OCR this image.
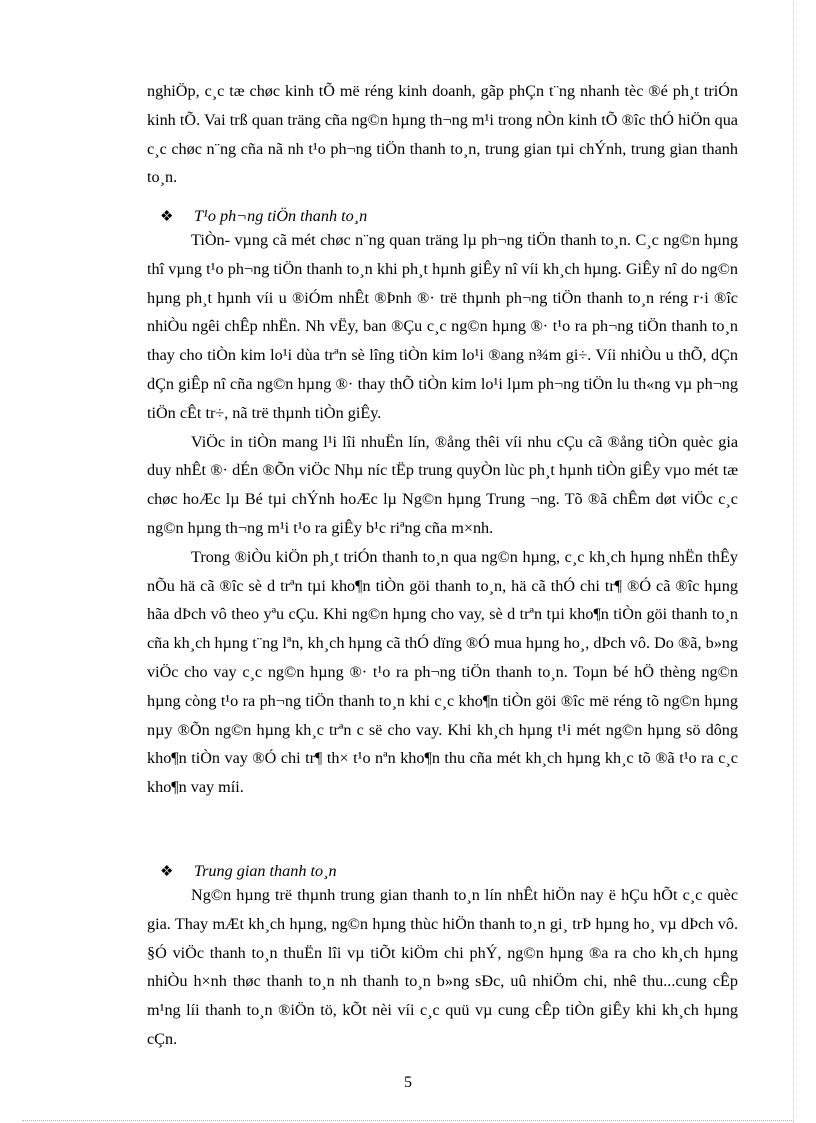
nghiÖp, c¸c tæ chøc kinh tÕ më réng kinh doanh, gãp phÇn t¨ng nhanh tèc ®é ph¸t triÓn kinh tÕ. Vai trß quan träng cña ng©n hµng th¬ng m¹i trong nÒn kinh tÕ ®îc thÓ hiÖn qua c¸c chøc n¨ng cña nã nh t¹o ph¬ng tiÖn thanh to¸n, trung gian tµi chÝnh, trung gian thanh to¸n.

❖ T¹o ph¬ng tiÖn thanh to¸n

TiÒn- vµng cã mét chøc n¨ng quan träng lµ ph¬ng tiÖn thanh to¸n. C¸c ng©n hµng thî vµng t¹o ph¬ng tiÖn thanh to¸n khi ph¸t hµnh giÊy nî víi kh¸ch hµng. GiÊy nî do ng©n hµng ph¸t hµnh víi u ®iÓm nhÊt ®Þnh ®· trë thµnh ph¬ng tiÖn thanh to¸n réng r·i ®îc nhiÒu ngêi chÊp nhËn. Nh vËy, ban ®Çu c¸c ng©n hµng ®· t¹o ra ph¬ng tiÖn thanh to¸n thay cho tiÒn kim lo¹i dùa trªn sè lîng tiÒn kim lo¹i ®ang n¾m gi÷. Víi nhiÒu u thÕ, dÇn dÇn giÊp nî cña ng©n hµng ®· thay thÕ tiÒn kim lo¹i lµm ph¬ng tiÖn lu th«ng vµ ph¬ng tiÖn cÊt tr÷, nã trë thµnh tiÒn giÊy.

ViÖc in tiÒn mang l¹i lîi nhuËn lín, ®ång thêi víi nhu cÇu cã ®ång tiÒn quèc gia duy nhÊt ®· dÉn ®Õn viÖc Nhµ níc tËp trung quyÒn lùc ph¸t hµnh tiÒn giÊy vµo mét tæ chøc hoÆc lµ Bé tµi chÝnh hoÆc lµ Ng©n hµng Trung ¬ng. Tõ ®ã chÊm døt viÖc c¸c ng©n hµng th¬ng m¹i t¹o ra giÊy b¹c riªng cña m×nh.

Trong ®iÒu kiÖn ph¸t triÓn thanh to¸n qua ng©n hµng, c¸c kh¸ch hµng nhËn thÊy nÕu hä cã ®îc sè d trªn tµi kho¶n tiÒn göi thanh to¸n, hä cã thÓ chi tr¶ ®Ó cã ®îc hµng hãa dÞch vô theo yªu cÇu. Khi ng©n hµng cho vay, sè d trªn tµi kho¶n tiÒn göi thanh to¸n cña kh¸ch hµng t¨ng lªn, kh¸ch hµng cã thÓ dïng ®Ó mua hµng ho¸, dÞch vô. Do ®ã, b»ng viÖc cho vay c¸c ng©n hµng ®· t¹o ra ph¬ng tiÖn thanh to¸n. Toµn bé hÖ thèng ng©n hµng còng t¹o ra ph¬ng tiÖn thanh to¸n khi c¸c kho¶n tiÒn göi ®îc më réng tõ ng©n hµng nµy ®Õn ng©n hµng kh¸c trªn c së cho vay. Khi kh¸ch hµng t¹i mét ng©n hµng sö dông kho¶n tiÒn vay ®Ó chi tr¶ th× t¹o nªn kho¶n thu cña mét kh¸ch hµng kh¸c tõ ®ã t¹o ra c¸c kho¶n vay míi.

❖ Trung gian thanh to¸n

Ng©n hµng trë thµnh trung gian thanh to¸n lín nhÊt hiÖn nay ë hÇu hÕt c¸c quèc gia. Thay mÆt kh¸ch hµng, ng©n hµng thùc hiÖn thanh to¸n gi¸ trÞ hµng ho¸ vµ dÞch vô. §Ó viÖc thanh to¸n thuËn lîi vµ tiÕt kiÖm chi phÝ, ng©n hµng ®a ra cho kh¸ch hµng nhiÒu h×nh thøc thanh to¸n nh thanh to¸n b»ng sÐc, uû nhiÖm chi, nhê thu...cung cÊp m¹ng líi thanh to¸n ®iÖn tö, kÕt nèi víi c¸c quü vµ cung cÊp tiÒn giÊy khi kh¸ch hµng cÇn.

5
